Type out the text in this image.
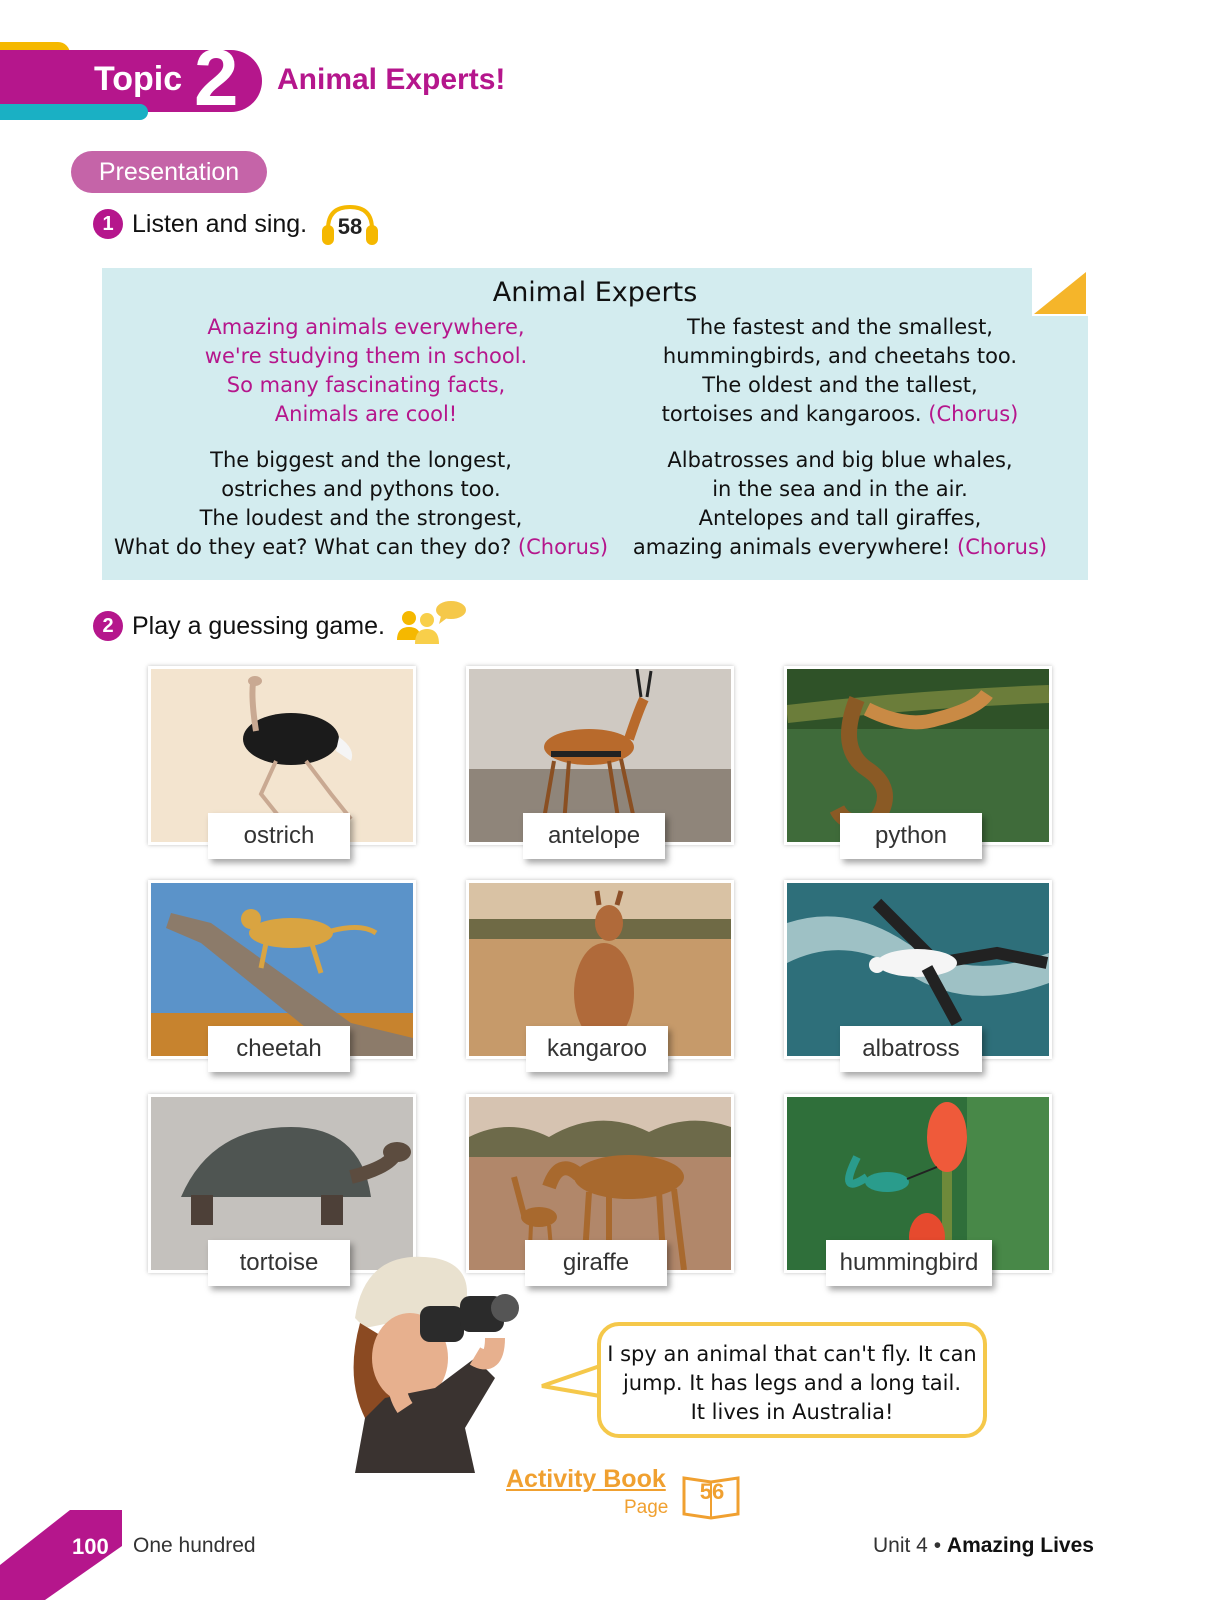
Topic 2 Animal Experts!
Presentation
1 Listen and sing. 58
Animal Experts
Amazing animals everywhere,
we're studying them in school.
So many fascinating facts,
Animals are cool!
The biggest and the longest,
ostriches and pythons too.
The loudest and the strongest,
What do they eat? What can they do? (Chorus)
The fastest and the smallest,
hummingbirds, and cheetahs too.
The oldest and the tallest,
tortoises and kangaroos. (Chorus)
Albatrosses and big blue whales,
in the sea and in the air.
Antelopes and tall giraffes,
amazing animals everywhere! (Chorus)
2 Play a guessing game.
ostrich	antelope	python
cheetah	kangaroo	albatross
tortoise	giraffe	hummingbird
I spy an animal that can't fly. It can
jump. It has legs and a long tail.
It lives in Australia!
Activity Book
Page
56
100 One hundred	Unit 4 • Amazing Lives
